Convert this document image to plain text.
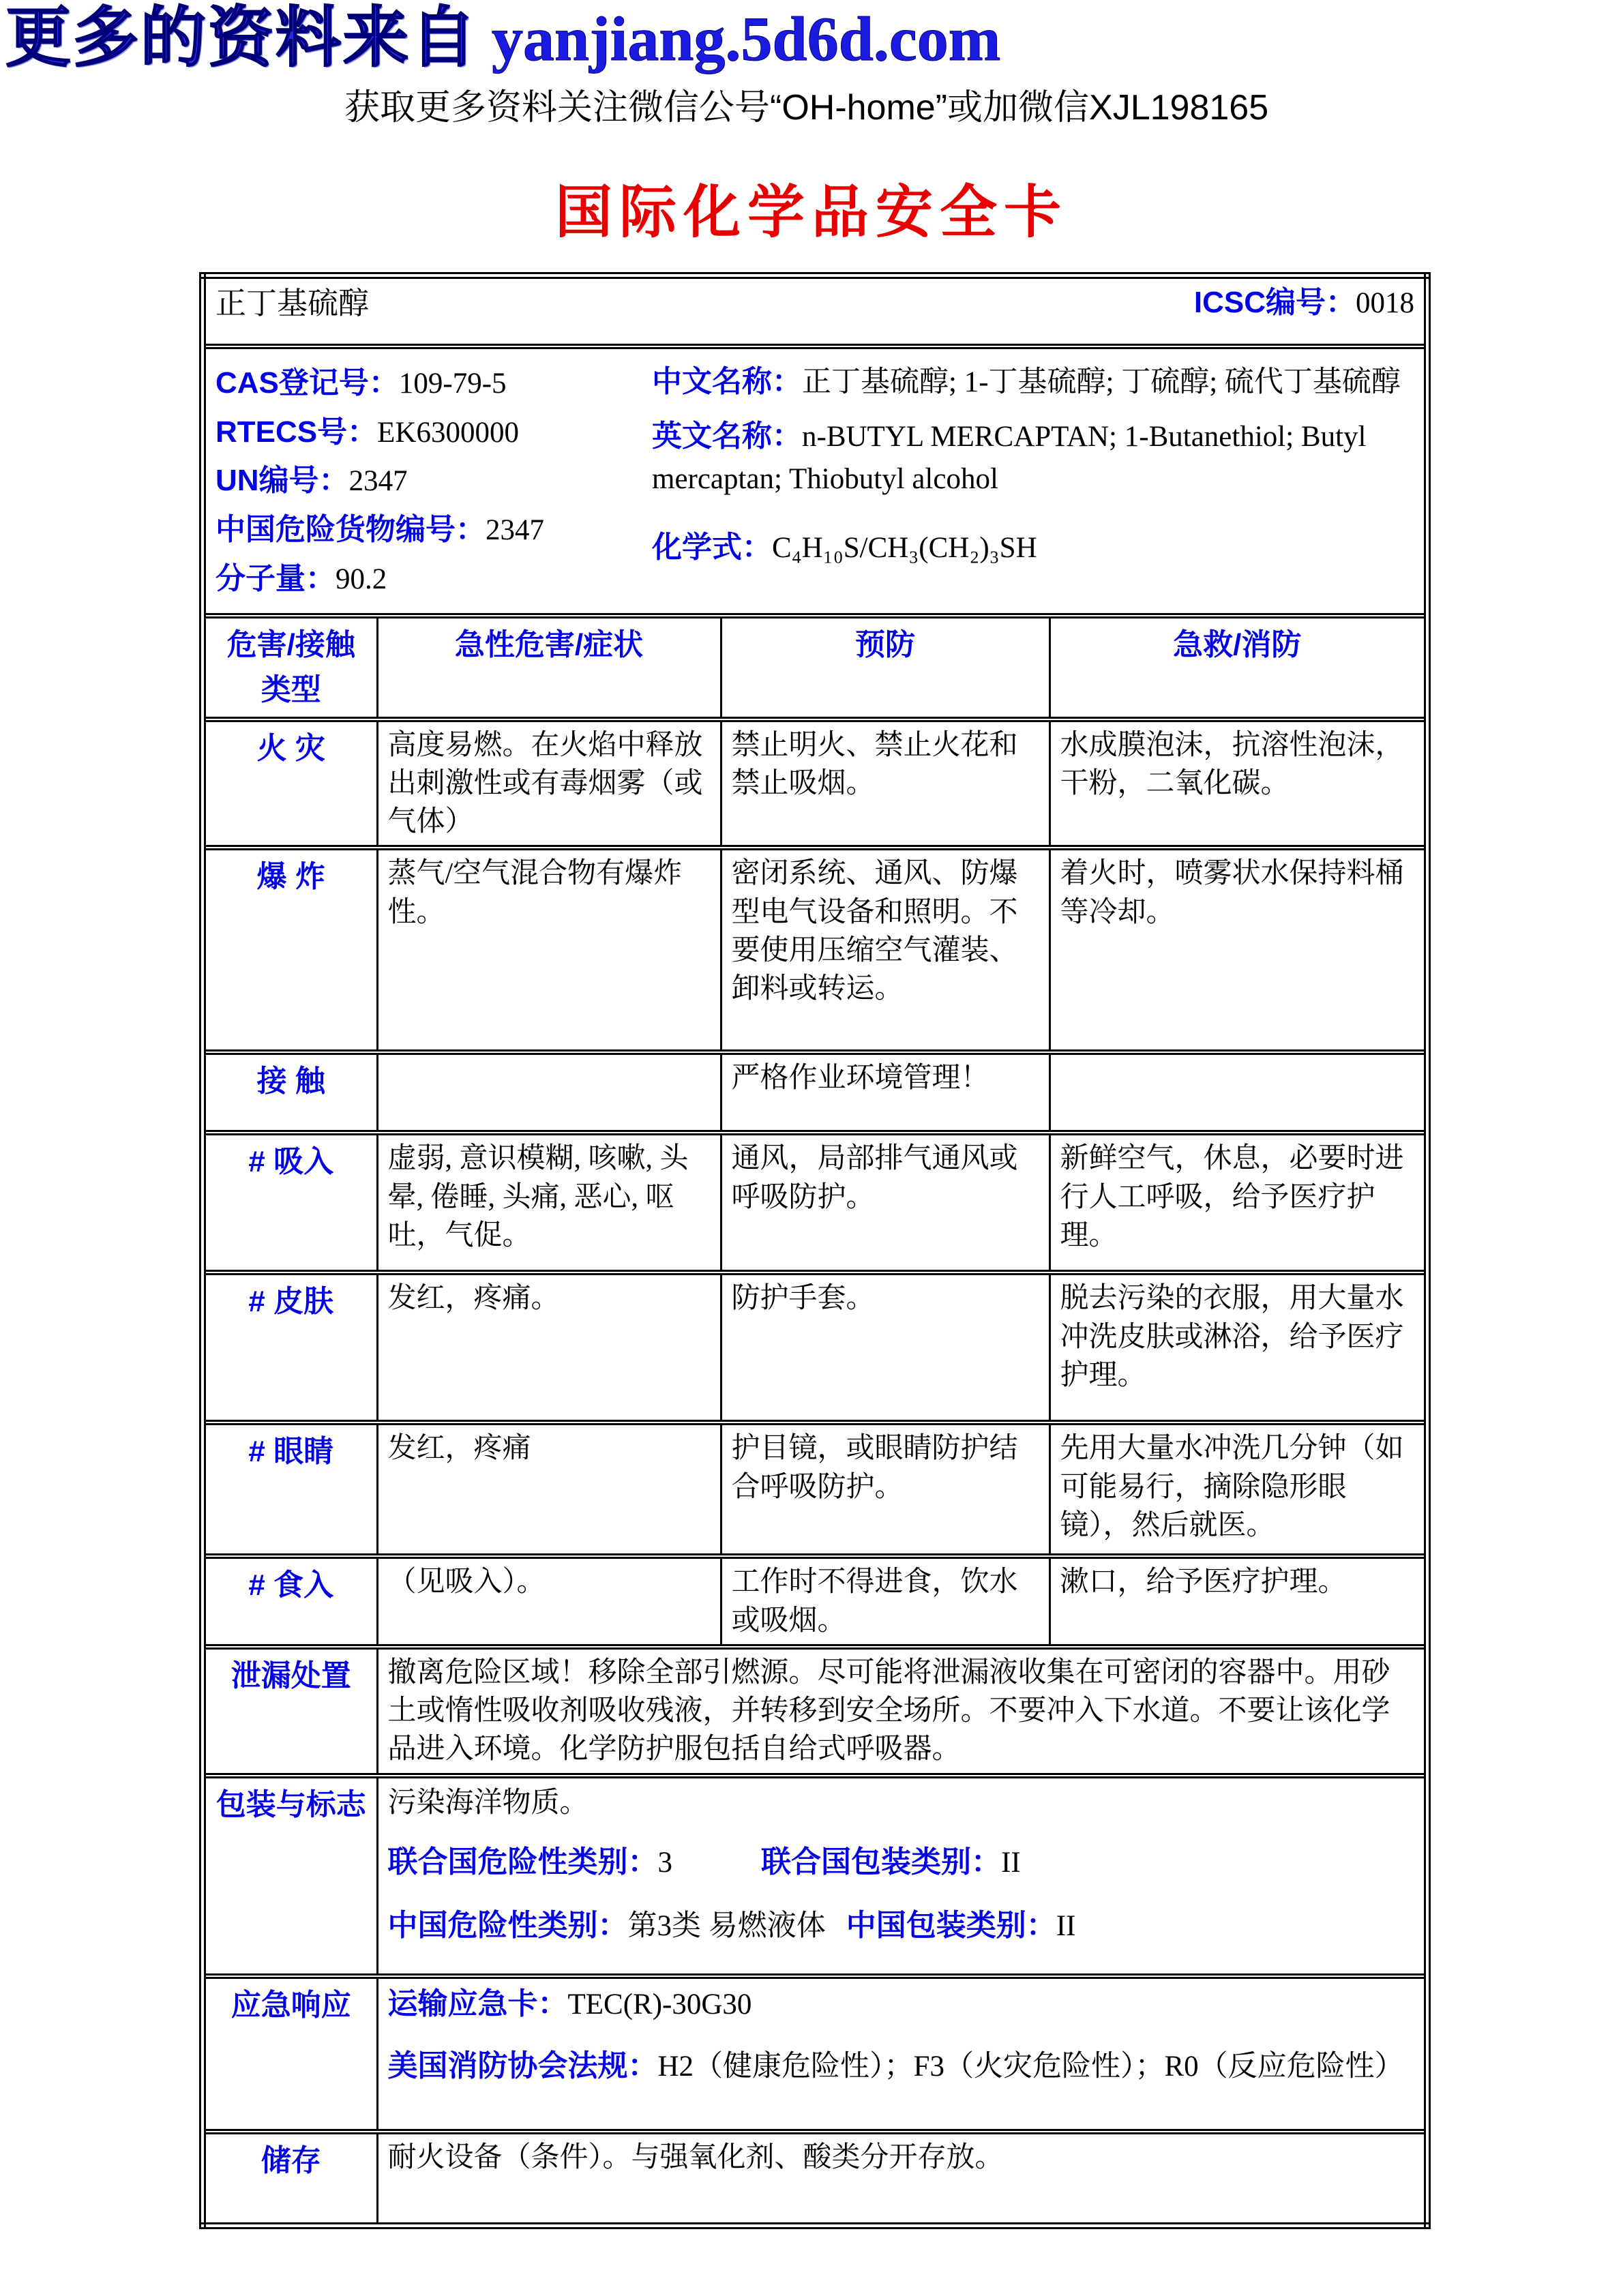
更多的资料来自 yanjiang.5d6d.com
获取更多资料关注微信公号“OH-home”或加微信XJL198165
国际化学品安全卡
正丁基硫醇 ICSC编号：0018			

CAS登记号：109-79-5
RTECS号：EK6300000
UN编号：2347
中国危险货物编号：2347
分子量：90.2
中文名称：正丁基硫醇; 1-丁基硫醇; 丁硫醇; 硫代丁基硫醇
英文名称：n-BUTYL MERCAPTAN; 1-Butanethiol; Butyl mercaptan; Thiobutyl alcohol
化学式：C₄H₁₀S/CH₃(CH₂)₃SH

危害/接触类型	急性危害/症状	预防	急救/消防
火 灾	高度易燃。在火焰中释放出刺激性或有毒烟雾（或气体）	禁止明火、禁止火花和禁止吸烟。	水成膜泡沫，抗溶性泡沫，干粉，二氧化碳。
爆 炸	蒸气/空气混合物有爆炸性。	密闭系统、通风、防爆型电气设备和照明。不要使用压缩空气灌装、卸料或转运。	着火时，喷雾状水保持料桶等冷却。
接 触		严格作业环境管理！	
# 吸入	虚弱, 意识模糊, 咳嗽, 头晕, 倦睡, 头痛, 恶心, 呕吐，气促。	通风，局部排气通风或呼吸防护。	新鲜空气，休息，必要时进行人工呼吸，给予医疗护理。
# 皮肤	发红，疼痛。	防护手套。	脱去污染的衣服，用大量水冲洗皮肤或淋浴，给予医疗护理。
# 眼睛	发红，疼痛	护目镜，或眼睛防护结合呼吸防护。	先用大量水冲洗几分钟（如可能易行，摘除隐形眼镜），然后就医。
# 食入	（见吸入）。	工作时不得进食，饮水或吸烟。	漱口，给予医疗护理。
泄漏处置	撤离危险区域！移除全部引燃源。尽可能将泄漏液收集在可密闭的容器中。用砂土或惰性吸收剂吸收残液，并转移到安全场所。不要冲入下水道。不要让该化学品进入环境。化学防护服包括自给式呼吸器。		
包装与标志	污染海洋物质。
联合国危险性类别：3 联合国包装类别：II
中国危险性类别：第3类 易燃液体 中国包装类别：II		

应急响应	运输应急卡：TEC(R)-30G30
美国消防协会法规：H2（健康危险性）；F3（火灾危险性）；R0（反应危险性）		

储存	耐火设备（条件）。与强氧化剂、酸类分开存放。		
